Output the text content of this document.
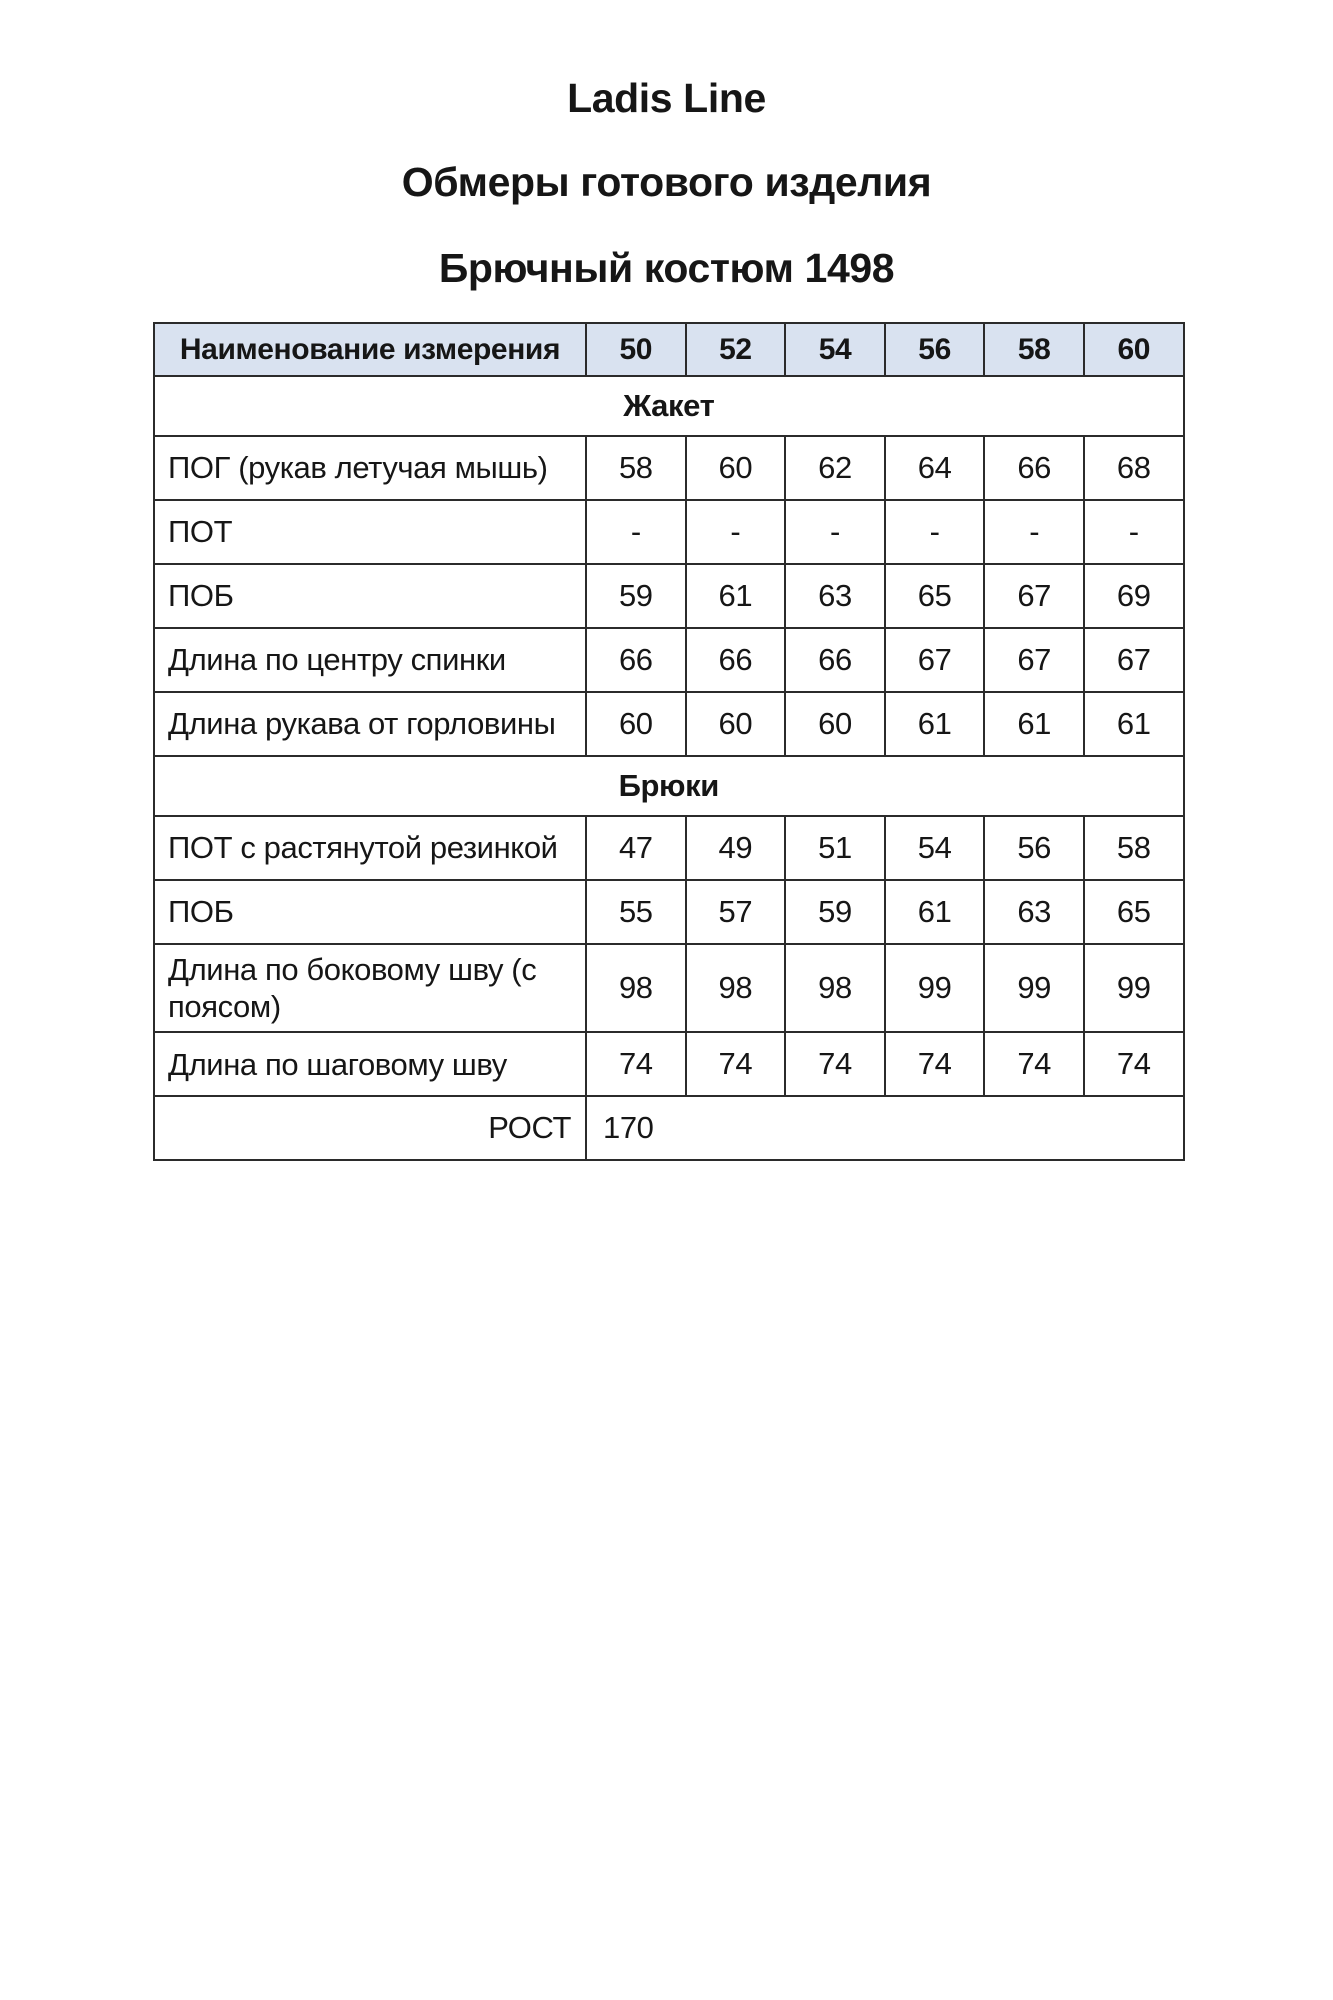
Ladis Line
Обмеры готового изделия
Брючный костюм 1498
Наименование измерения	50	52	54	56	58	60
Жакет						
ПОГ (рукав летучая мышь)	58	60	62	64	66	68
ПОТ	-	-	-	-	-	-
ПОБ	59	61	63	65	67	69
Длина по центру спинки	66	66	66	67	67	67
Длина рукава от горловины	60	60	60	61	61	61
Брюки						
ПОТ с растянутой резинкой	47	49	51	54	56	58
ПОБ	55	57	59	61	63	65
Длина по боковому шву (с поясом)	98	98	98	99	99	99
Длина по шаговому шву	74	74	74	74	74	74
РОСТ	170					
